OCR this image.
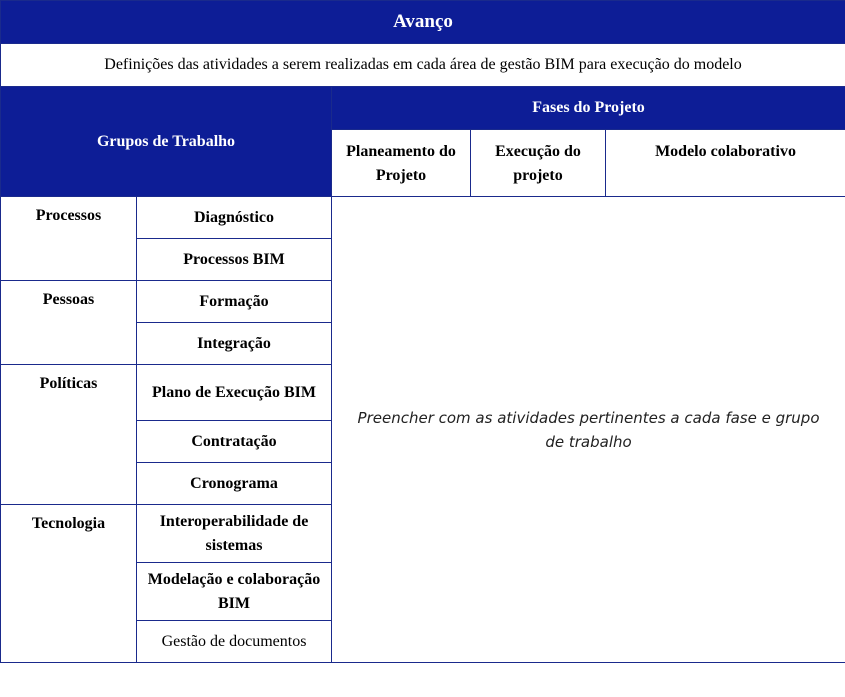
Avanço				
Definições das atividades a serem realizadas em cada área de gestão BIM para execução do modelo				
Grupos de Trabalho		Fases do Projeto		
		Planeamento do Projeto	Execução do projeto	Modelo colaborativo
Processos	Diagnóstico	Preencher com as atividades pertinentes a cada fase e grupo de trabalho		
	Processos BIM			
Pessoas	Formação			
	Integração			
Políticas	Plano de Execução BIM			
	Contratação			
	Cronograma			
Tecnologia	Interoperabilidade de sistemas			
	Modelação e colaboração BIM			
	Gestão de documentos			
